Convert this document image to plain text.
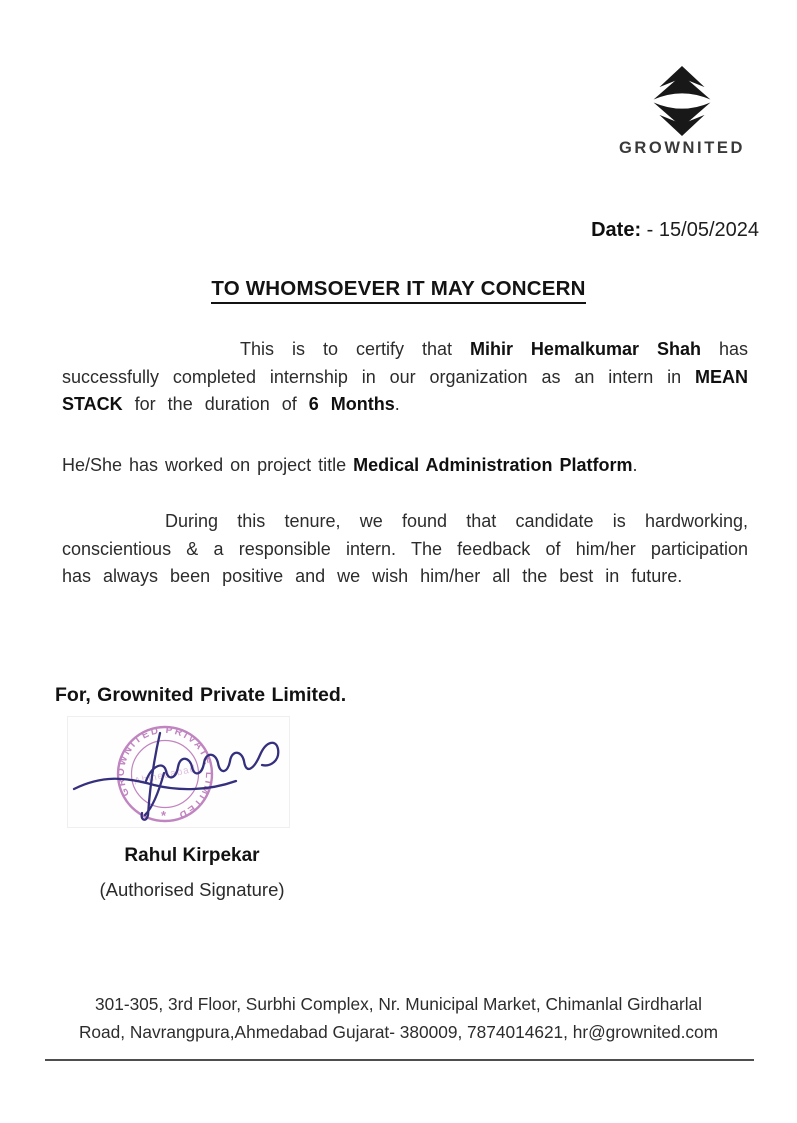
GROWNITED
Date: - 15/05/2024
TO WHOMSOEVER IT MAY CONCERN

This is to certify that Mihir Hemalkumar Shah has successfully completed internship in our organization as an intern in MEAN STACK for the duration of 6 Months.

He/She has worked on project title Medical Administration Platform.

During this tenure, we found that candidate is hardworking, conscientious & a responsible intern. The feedback of him/her participation has always been positive and we wish him/her all the best in future.

For, Grownited Private Limited.
GROWNITED PRIVATE LIMITED
Ahmedabad
*
Rahul Kirpekar
(Authorised Signature)
301-305, 3rd Floor, Surbhi Complex, Nr. Municipal Market, Chimanlal Girdharlal
Road, Navrangpura,Ahmedabad Gujarat- 380009, 7874014621, hr@grownited.com
